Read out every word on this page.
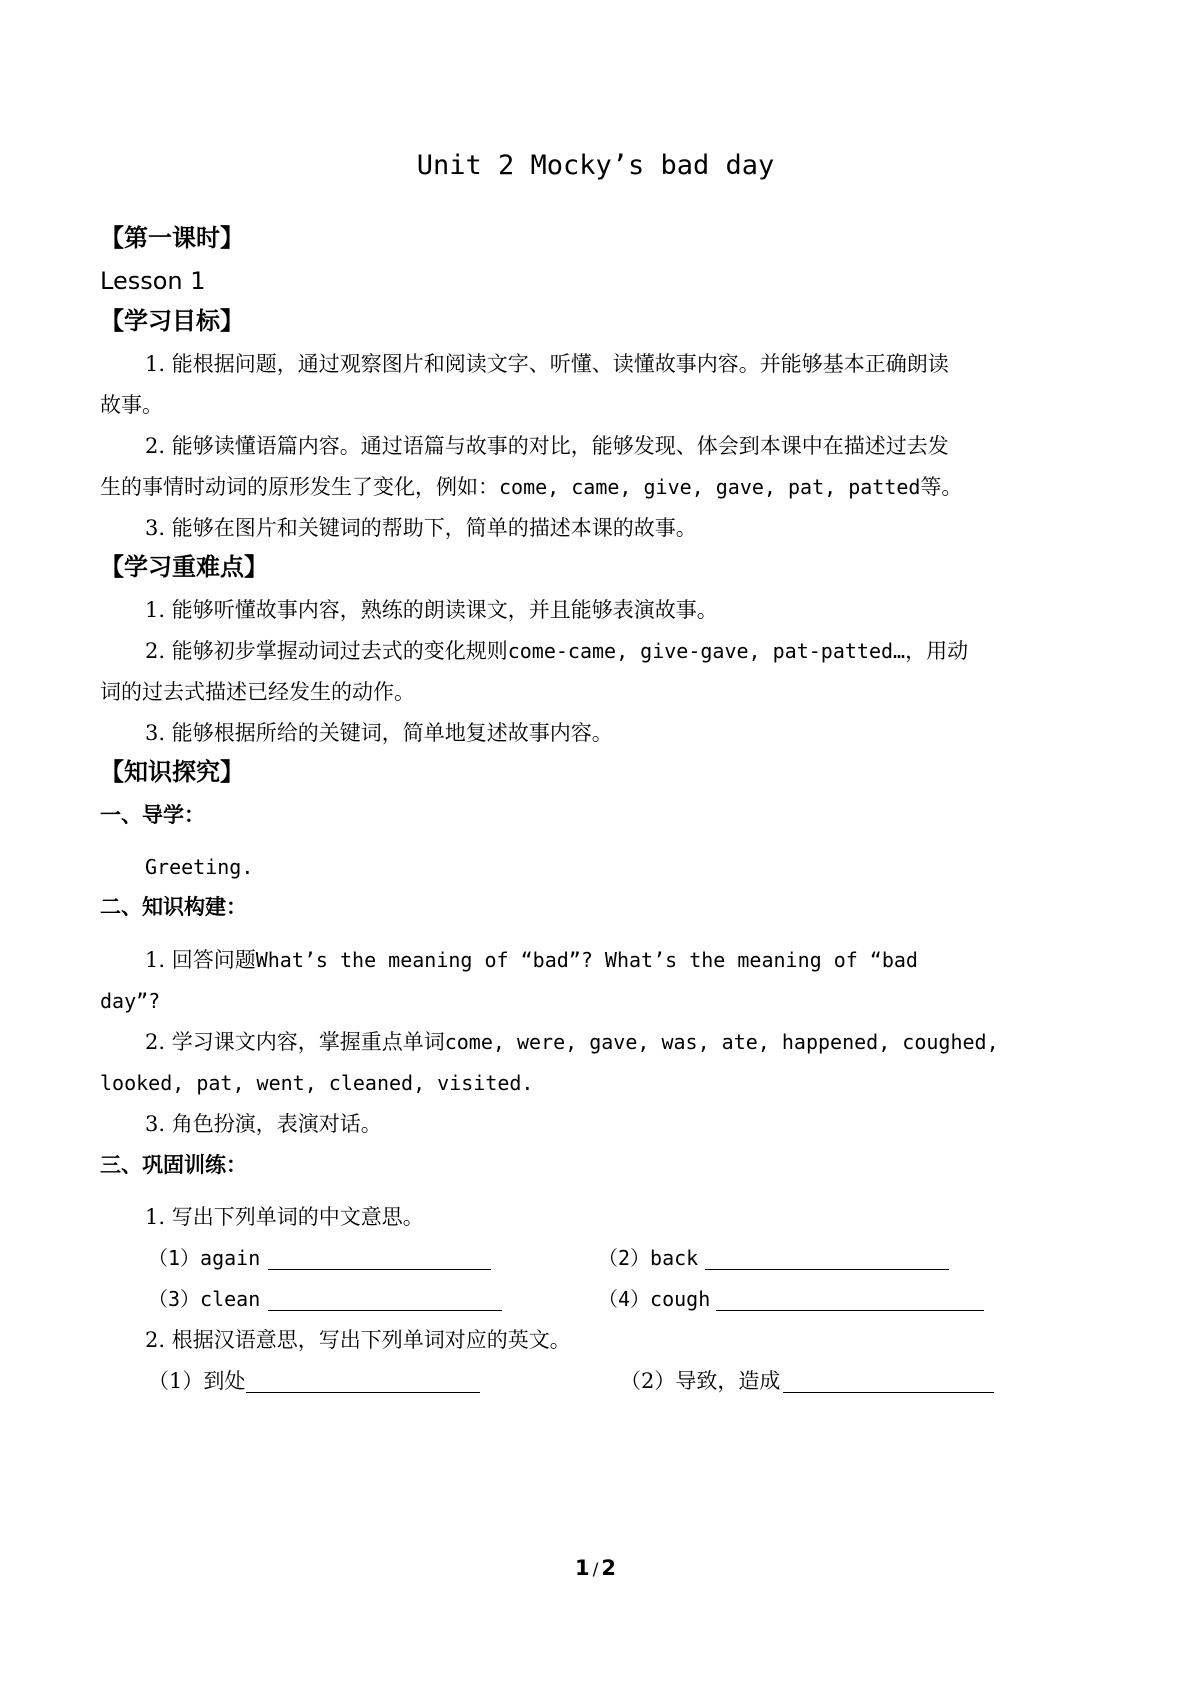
Unit 2 Mocky’s bad day
【第一课时】
Lesson 1
【学习目标】
1. 能根据问题，通过观察图片和阅读文字、听懂、读懂故事内容。并能够基本正确朗读
故事。
2. 能够读懂语篇内容。通过语篇与故事的对比，能够发现、体会到本课中在描述过去发
生的事情时动词的原形发生了变化，例如：come, came, give, gave, pat, patted等。
3. 能够在图片和关键词的帮助下，简单的描述本课的故事。
【学习重难点】
1. 能够听懂故事内容，熟练的朗读课文，并且能够表演故事。
2. 能够初步掌握动词过去式的变化规则come-came, give-gave, pat-patted…，用动
词的过去式描述已经发生的动作。
3. 能够根据所给的关键词，简单地复述故事内容。
【知识探究】
一、导学：
Greeting.
二、知识构建：
1. 回答问题What’s the meaning of “bad”? What’s the meaning of “bad
day”?
2. 学习课文内容，掌握重点单词come, were, gave, was, ate, happened, coughed,
looked, pat, went, cleaned, visited.
3. 角色扮演，表演对话。
三、巩固训练：
1. 写出下列单词的中文意思。
（1）again	（2）back
（3）clean	（4）cough
2. 根据汉语意思，写出下列单词对应的英文。
（1）到处	（2）导致，造成
1 / 2
